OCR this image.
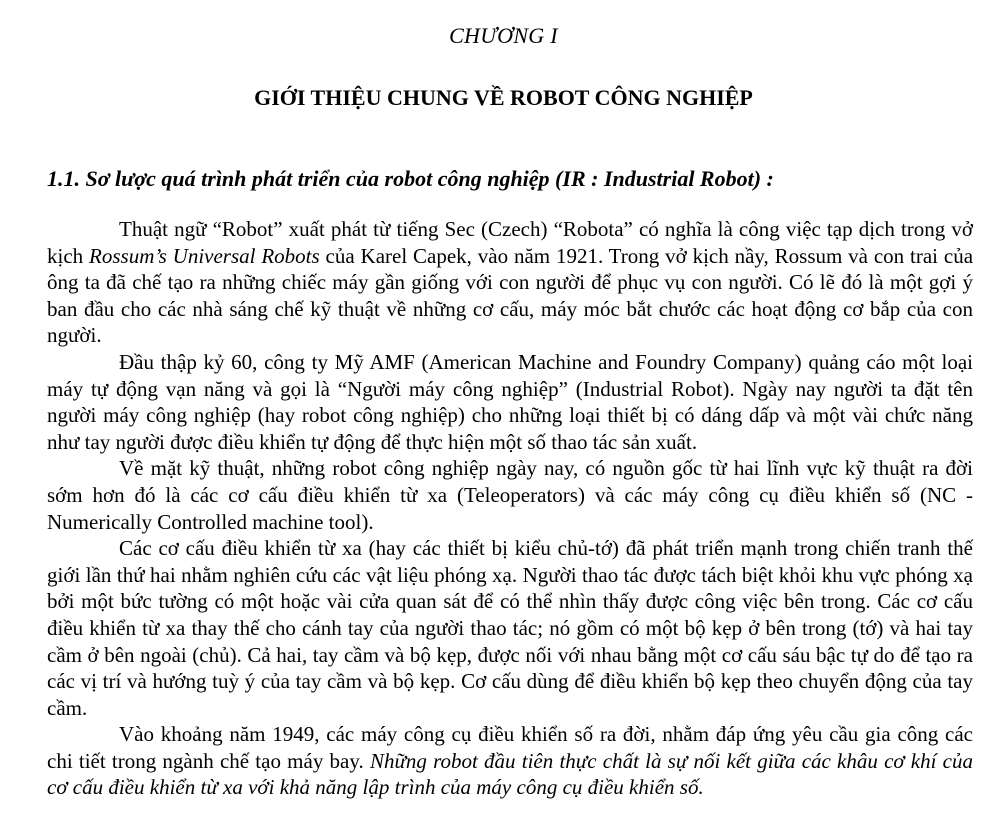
CHƯƠNG I
GIỚI THIỆU CHUNG VỀ ROBOT CÔNG NGHIỆP
1.1. Sơ lược quá trình phát triển của robot công nghiệp (IR : Industrial Robot) :

Thuật ngữ “Robot” xuất phát từ tiếng Sec (Czech) “Robota” có nghĩa là công việc tạp dịch trong vở kịch Rossum’s Universal Robots của Karel Capek, vào năm 1921. Trong vở kịch nầy, Rossum và con trai của ông ta đã chế tạo ra những chiếc máy gần giống với con người để phục vụ con người. Có lẽ đó là một gợi ý ban đầu cho các nhà sáng chế kỹ thuật về những cơ cấu, máy móc bắt chước các hoạt động cơ bắp của con người.

Đầu thập kỷ 60, công ty Mỹ AMF (American Machine and Foundry Company) quảng cáo một loại máy tự động vạn năng và gọi là “Người máy công nghiệp” (Industrial Robot). Ngày nay người ta đặt tên người máy công nghiệp (hay robot công nghiệp) cho những loại thiết bị có dáng dấp và một vài chức năng như tay người được điều khiển tự động để thực hiện một số thao tác sản xuất.

Về mặt kỹ thuật, những robot công nghiệp ngày nay, có nguồn gốc từ hai lĩnh vực kỹ thuật ra đời sớm hơn đó là các cơ cấu điều khiển từ xa (Teleoperators) và các máy công cụ điều khiển số (NC - Numerically Controlled machine tool).

Các cơ cấu điều khiển từ xa (hay các thiết bị kiểu chủ-tớ) đã phát triển mạnh trong chiến tranh thế giới lần thứ hai nhằm nghiên cứu các vật liệu phóng xạ. Người thao tác được tách biệt khỏi khu vực phóng xạ bởi một bức tường có một hoặc vài cửa quan sát để có thể nhìn thấy được công việc bên trong. Các cơ cấu điều khiển từ xa thay thế cho cánh tay của người thao tác; nó gồm có một bộ kẹp ở bên trong (tớ) và hai tay cầm ở bên ngoài (chủ). Cả hai, tay cầm và bộ kẹp, được nối với nhau bằng một cơ cấu sáu bậc tự do để tạo ra các vị trí và hướng tuỳ ý của tay cầm và bộ kẹp. Cơ cấu dùng để điều khiển bộ kẹp theo chuyển động của tay cầm.

Vào khoảng năm 1949, các máy công cụ điều khiển số ra đời, nhằm đáp ứng yêu cầu gia công các chi tiết trong ngành chế tạo máy bay. Những robot đầu tiên thực chất là sự nối kết giữa các khâu cơ khí của cơ cấu điều khiển từ xa với khả năng lập trình của máy công cụ điều khiển số.
